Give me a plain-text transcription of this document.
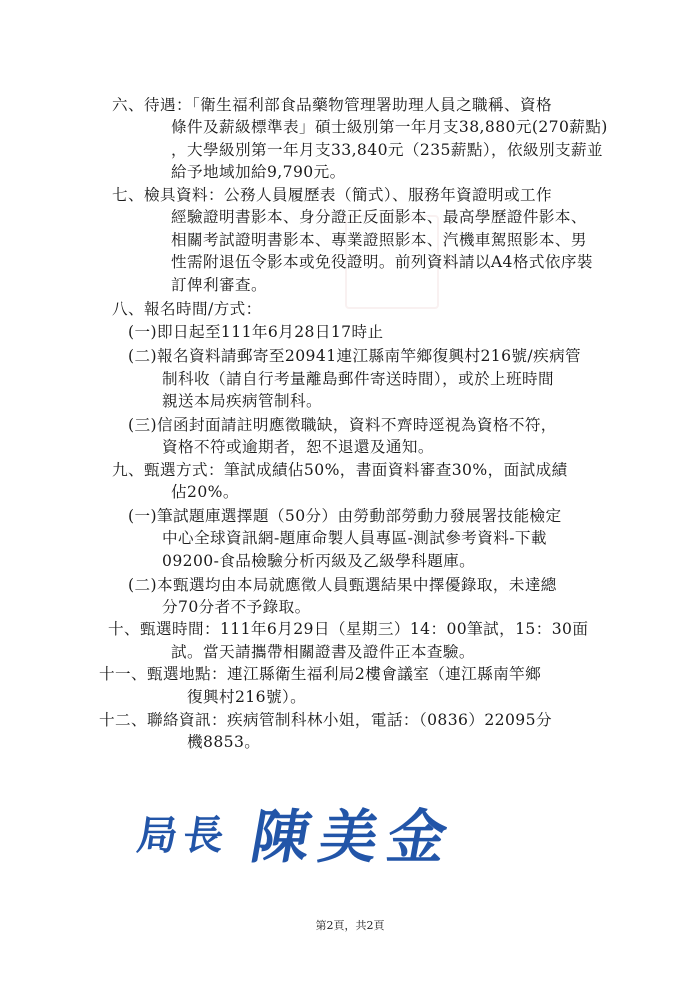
六、待遇：「衛生福利部食品藥物管理署助理人員之職稱、資格
條件及薪級標準表」碩士級別第一年月支38,880元(270薪點)
，大學級別第一年月支33,840元（235薪點），依級別支薪並
給予地域加給9,790元。
七、檢具資料：公務人員履歷表（簡式）、服務年資證明或工作
經驗證明書影本、身分證正反面影本、最高學歷證件影本、
相關考試證明書影本、專業證照影本、汽機車駕照影本、男
性需附退伍令影本或免役證明。前列資料請以A4格式依序裝
訂俾利審查。
八、報名時間/方式：
(一)即日起至111年6月28日17時止
(二)報名資料請郵寄至20941連江縣南竿鄉復興村216號/疾病管
制科收（請自行考量離島郵件寄送時間），或於上班時間
親送本局疾病管制科。
(三)信函封面請註明應徵職缺，資料不齊時逕視為資格不符，
資格不符或逾期者，恕不退還及通知。
九、甄選方式：筆試成績佔50%，書面資料審查30%，面試成績
佔20%。
(一)筆試題庫選擇題（50分）由勞動部勞動力發展署技能檢定
中心全球資訊網-題庫命製人員專區-測試參考資料-下載
09200-食品檢驗分析丙級及乙級學科題庫。
(二)本甄選均由本局就應徵人員甄選結果中擇優錄取，未達總
分70分者不予錄取。
十、甄選時間：111年6月29日（星期三）14：00筆試，15：30面
試。當天請攜帶相關證書及證件正本查驗。
十一、甄選地點：連江縣衛生福利局2樓會議室（連江縣南竿鄉
復興村216號）。
十二、聯絡資訊：疾病管制科林小姐，電話：（0836）22095分
機8853。
局長 陳美金
第2頁，共2頁
